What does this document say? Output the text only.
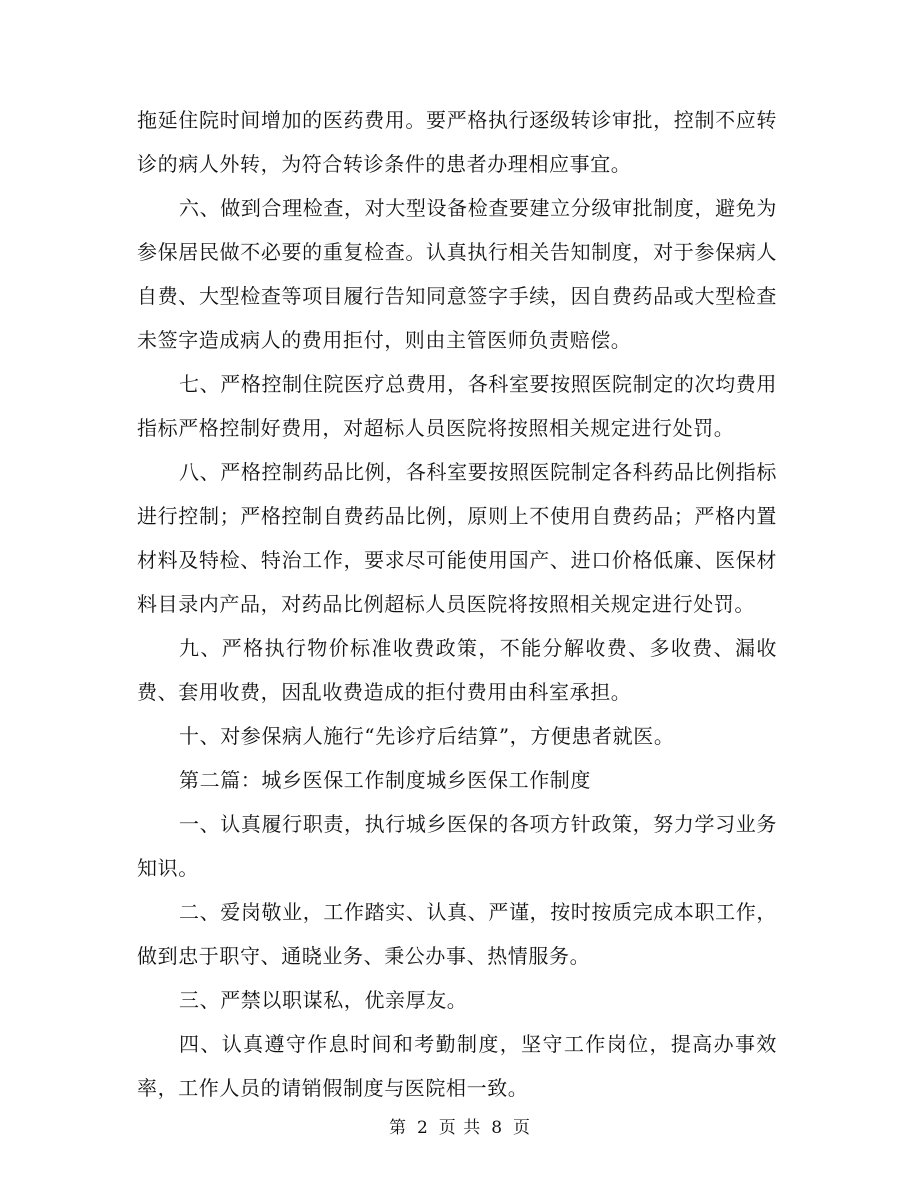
拖延住院时间增加的医药费用。要严格执行逐级转诊审批，控制不应转诊的病人外转，为符合转诊条件的患者办理相应事宜。

六、做到合理检查，对大型设备检查要建立分级审批制度，避免为参保居民做不必要的重复检查。认真执行相关告知制度，对于参保病人自费、大型检查等项目履行告知同意签字手续，因自费药品或大型检查未签字造成病人的费用拒付，则由主管医师负责赔偿。

七、严格控制住院医疗总费用，各科室要按照医院制定的次均费用指标严格控制好费用，对超标人员医院将按照相关规定进行处罚。

八、严格控制药品比例，各科室要按照医院制定各科药品比例指标进行控制；严格控制自费药品比例，原则上不使用自费药品；严格内置材料及特检、特治工作，要求尽可能使用国产、进口价格低廉、医保材料目录内产品，对药品比例超标人员医院将按照相关规定进行处罚。

九、严格执行物价标准收费政策，不能分解收费、多收费、漏收费、套用收费，因乱收费造成的拒付费用由科室承担。

十、对参保病人施行“先诊疗后结算”，方便患者就医。

第二篇：城乡医保工作制度城乡医保工作制度

一、认真履行职责，执行城乡医保的各项方针政策，努力学习业务知识。

二、爱岗敬业，工作踏实、认真、严谨，按时按质完成本职工作，做到忠于职守、通晓业务、秉公办事、热情服务。

三、严禁以职谋私，优亲厚友。

四、认真遵守作息时间和考勤制度，坚守工作岗位，提高办事效率，工作人员的请销假制度与医院相一致。

第 2 页 共 8 页
